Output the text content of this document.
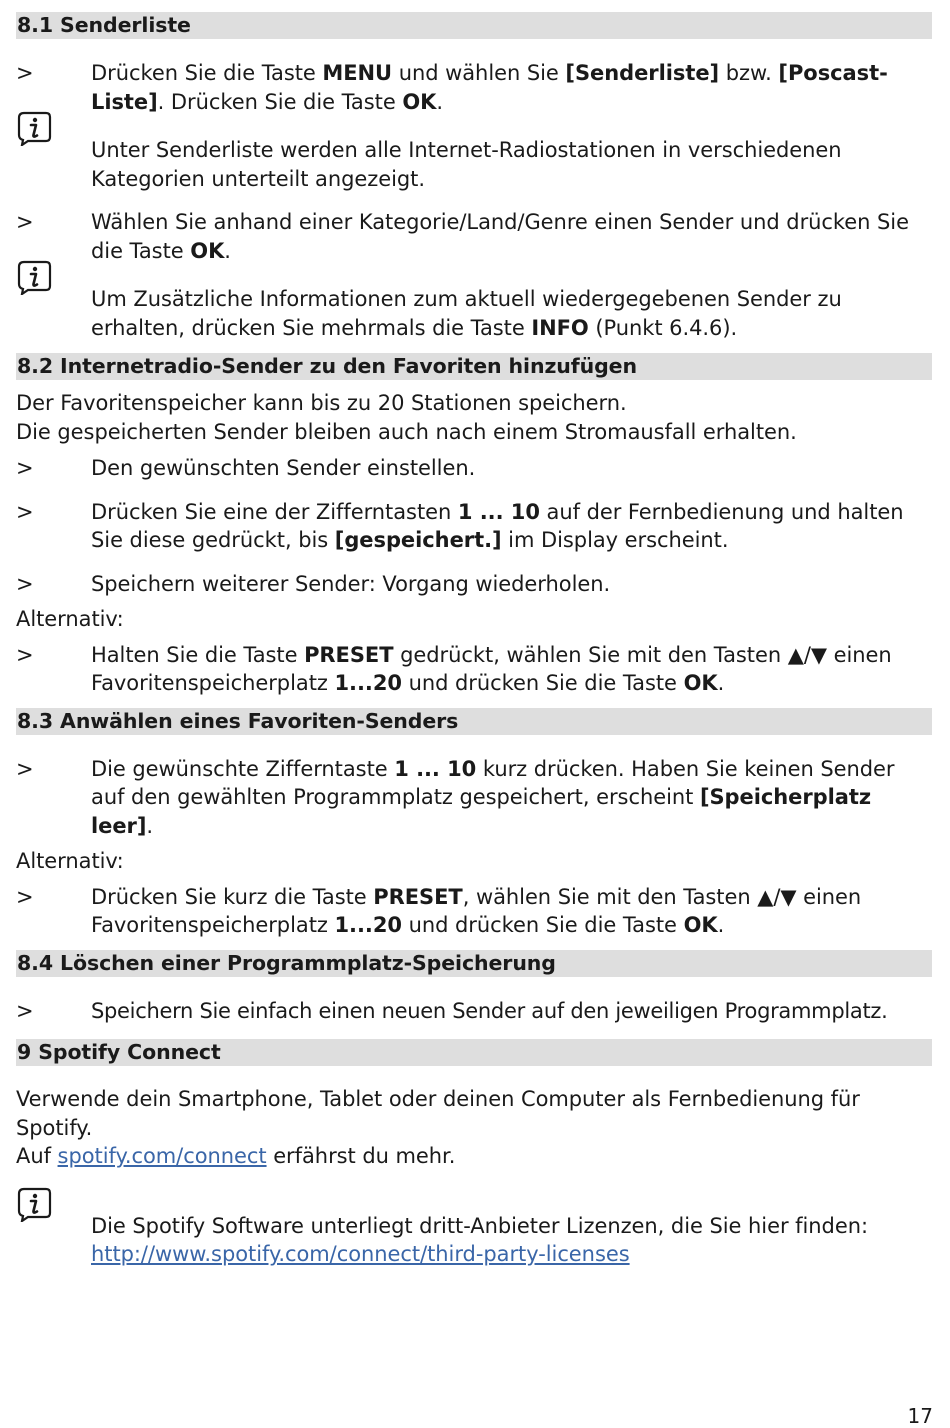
8.1 Senderliste
>	Drücken Sie die Taste MENU und wählen Sie [Senderliste] bzw. [Poscast-Liste]. Drücken Sie die Taste OK.
Unter Senderliste werden alle Internet-Radiostationen in verschiedenen Kategorien unterteilt angezeigt.
>	Wählen Sie anhand einer Kategorie/Land/Genre einen Sender und drücken Sie die Taste OK.
Um Zusätzliche Informationen zum aktuell wiedergegebenen Sender zu erhalten, drücken Sie mehrmals die Taste INFO (Punkt 6.4.6).
8.2 Internetradio-Sender zu den Favoriten hinzufügen
Der Favoritenspeicher kann bis zu 20 Stationen speichern.
Die gespeicherten Sender bleiben auch nach einem Stromausfall erhalten.
>	Den gewünschten Sender einstellen.
>	Drücken Sie eine der Zifferntasten 1 ... 10 auf der Fernbedienung und halten Sie diese gedrückt, bis [gespeichert.] im Display erscheint.
>	Speichern weiterer Sender: Vorgang wiederholen.
Alternativ:
>	Halten Sie die Taste PRESET gedrückt, wählen Sie mit den Tasten ▲/▼ einen Favoritenspeicherplatz 1...20 und drücken Sie die Taste OK.
8.3 Anwählen eines Favoriten-Senders
>	Die gewünschte Zifferntaste 1 ... 10 kurz drücken. Haben Sie keinen Sender auf den gewählten Programmplatz gespeichert, erscheint [Speicherplatz leer].
Alternativ:
>	Drücken Sie kurz die Taste PRESET, wählen Sie mit den Tasten ▲/▼ einen Favoritenspeicherplatz 1...20 und drücken Sie die Taste OK.
8.4 Löschen einer Programmplatz-Speicherung
>	Speichern Sie einfach einen neuen Sender auf den jeweiligen Programmplatz.
9 Spotify Connect
Verwende dein Smartphone, Tablet oder deinen Computer als Fernbedienung für Spotify.
Auf spotify.com/connect erfährst du mehr.
Die Spotify Software unterliegt dritt-Anbieter Lizenzen, die Sie hier finden:
http://www.spotify.com/connect/third-party-licenses
17
